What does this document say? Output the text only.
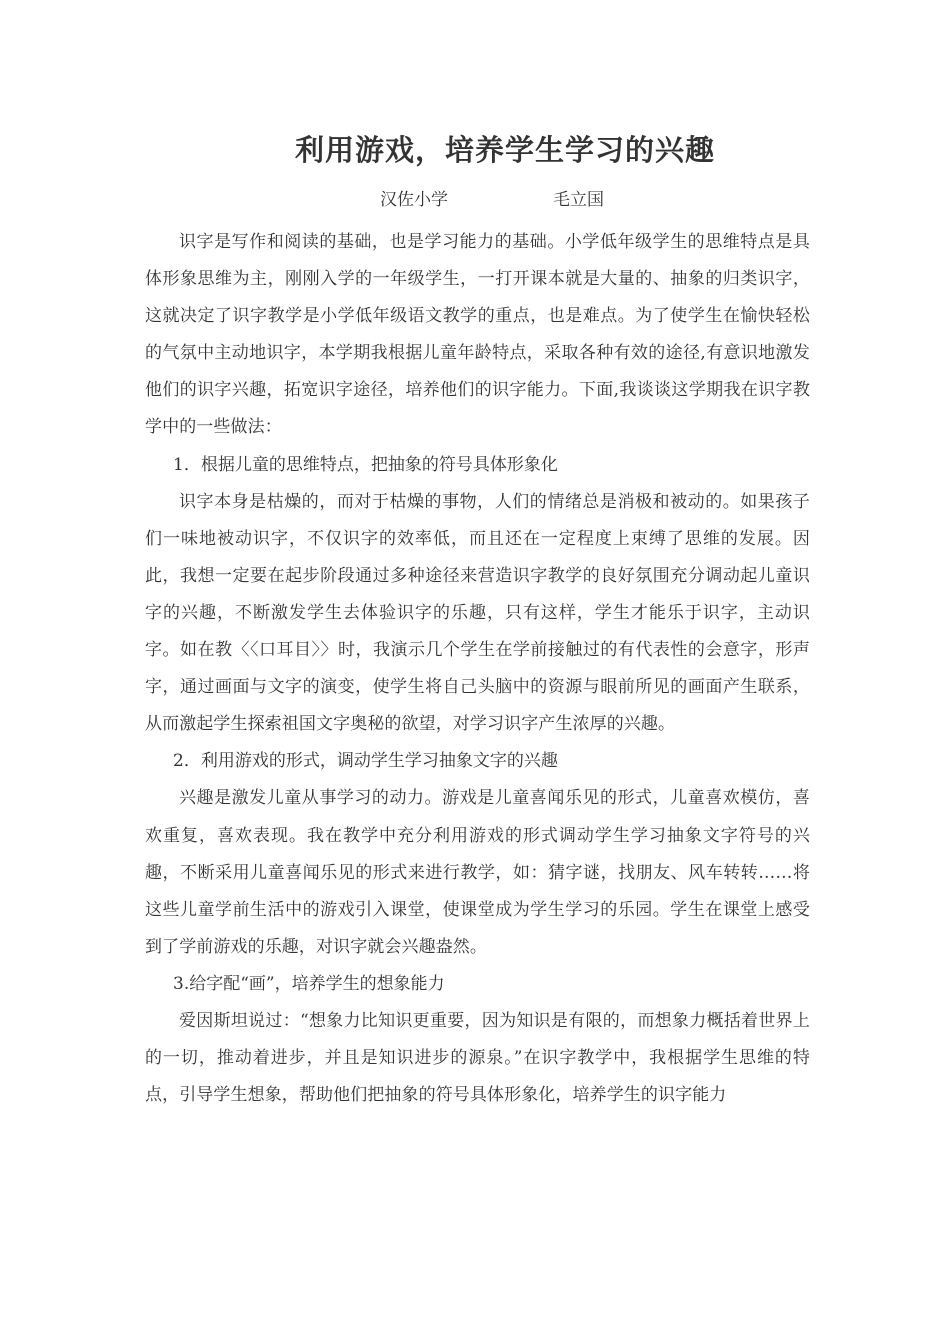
利用游戏，培养学生学习的兴趣
汉佐小学	毛立国

识字是写作和阅读的基础，也是学习能力的基础。小学低年级学生的思维特点是具体形象思维为主，刚刚入学的一年级学生，一打开课本就是大量的、抽象的归类识字，这就决定了识字教学是小学低年级语文教学的重点，也是难点。为了使学生在愉快轻松的气氛中主动地识字，本学期我根据儿童年龄特点，采取各种有效的途径,有意识地激发他们的识字兴趣，拓宽识字途径，培养他们的识字能力。下面,我谈谈这学期我在识字教学中的一些做法：

1．根据儿童的思维特点，把抽象的符号具体形象化

识字本身是枯燥的，而对于枯燥的事物，人们的情绪总是消极和被动的。如果孩子们一味地被动识字，不仅识字的效率低，而且还在一定程度上束缚了思维的发展。因此，我想一定要在起步阶段通过多种途径来营造识字教学的良好氛围充分调动起儿童识字的兴趣，不断激发学生去体验识字的乐趣，只有这样，学生才能乐于识字，主动识字。如在教〈〈口耳目〉〉时，我演示几个学生在学前接触过的有代表性的会意字，形声字，通过画面与文字的演变，使学生将自己头脑中的资源与眼前所见的画面产生联系，从而激起学生探索祖国文字奥秘的欲望，对学习识字产生浓厚的兴趣。

2．利用游戏的形式，调动学生学习抽象文字的兴趣

兴趣是激发儿童从事学习的动力。游戏是儿童喜闻乐见的形式，儿童喜欢模仿，喜欢重复，喜欢表现。我在教学中充分利用游戏的形式调动学生学习抽象文字符号的兴趣，不断采用儿童喜闻乐见的形式来进行教学，如：猜字谜，找朋友、风车转转……将这些儿童学前生活中的游戏引入课堂，使课堂成为学生学习的乐园。学生在课堂上感受到了学前游戏的乐趣，对识字就会兴趣盎然。

3.给字配“画”，培养学生的想象能力

爱因斯坦说过：“想象力比知识更重要，因为知识是有限的，而想象力概括着世界上的一切，推动着进步，并且是知识进步的源泉。”在识字教学中，我根据学生思维的特点，引导学生想象，帮助他们把抽象的符号具体形象化，培养学生的识字能力
